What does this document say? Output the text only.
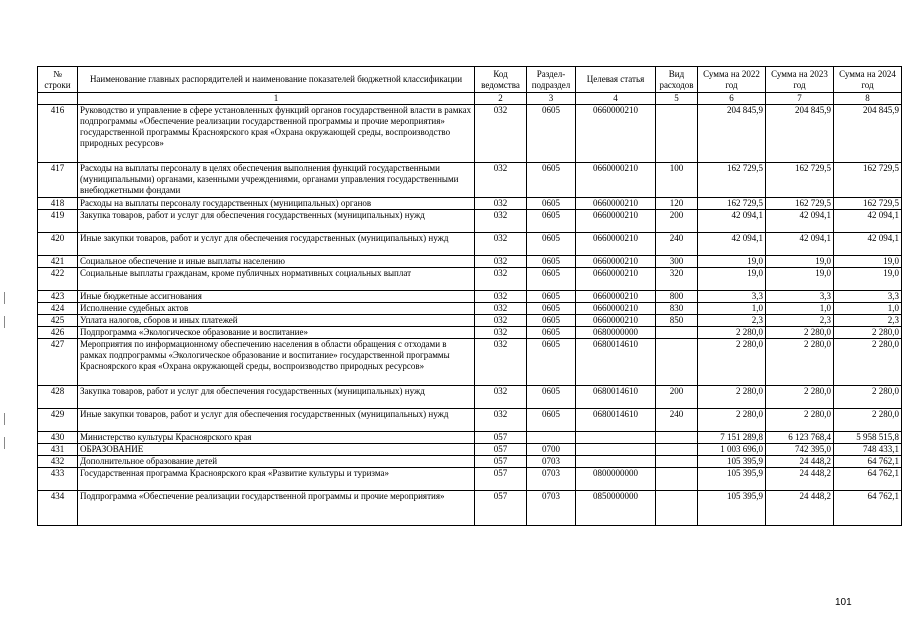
№ строки	Наименование главных распорядителей и наименование показателей бюджетной классификации	Код ведомства	Раздел-подраздел	Целевая статья	Вид расходов	Сумма на 2022 год	Сумма на 2023 год	Сумма на 2024 год
	1	2	3	4	5	6	7	8
416	Руководство и управление в сфере установленных функций органов государственной власти в рамках подпрограммы «Обеспечение реализации государственной программы и прочие мероприятия» государственной программы Красноярского края «Охрана окружающей среды, воспроизводство природных ресурсов»	032	0605	0660000210		204 845,9	204 845,9	204 845,9
417	Расходы на выплаты персоналу в целях обеспечения выполнения функций государственными (муниципальными) органами, казенными учреждениями, органами управления государственными внебюджетными фондами	032	0605	0660000210	100	162 729,5	162 729,5	162 729,5
418	Расходы на выплаты персоналу государственных (муниципальных) органов	032	0605	0660000210	120	162 729,5	162 729,5	162 729,5
419	Закупка товаров, работ и услуг для обеспечения государственных (муниципальных) нужд	032	0605	0660000210	200	42 094,1	42 094,1	42 094,1
420	Иные закупки товаров, работ и услуг для обеспечения государственных (муниципальных) нужд	032	0605	0660000210	240	42 094,1	42 094,1	42 094,1
421	Социальное обеспечение и иные выплаты населению	032	0605	0660000210	300	19,0	19,0	19,0
422	Социальные выплаты гражданам, кроме публичных нормативных социальных выплат	032	0605	0660000210	320	19,0	19,0	19,0
423	Иные бюджетные ассигнования	032	0605	0660000210	800	3,3	3,3	3,3
424	Исполнение судебных актов	032	0605	0660000210	830	1,0	1,0	1,0
425	Уплата налогов, сборов и иных платежей	032	0605	0660000210	850	2,3	2,3	2,3
426	Подпрограмма «Экологическое образование и воспитание»	032	0605	0680000000		2 280,0	2 280,0	2 280,0
427	Мероприятия по информационному обеспечению населения в области обращения с отходами в рамках подпрограммы «Экологическое образование и воспитание» государственной программы Красноярского края «Охрана окружающей среды, воспроизводство природных ресурсов»	032	0605	0680014610		2 280,0	2 280,0	2 280,0
428	Закупка товаров, работ и услуг для обеспечения государственных (муниципальных) нужд	032	0605	0680014610	200	2 280,0	2 280,0	2 280,0
429	Иные закупки товаров, работ и услуг для обеспечения государственных (муниципальных) нужд	032	0605	0680014610	240	2 280,0	2 280,0	2 280,0
430	Министерство культуры Красноярского края	057				7 151 289,8	6 123 768,4	5 958 515,8
431	ОБРАЗОВАНИЕ	057	0700			1 003 696,0	742 395,0	748 433,1
432	Дополнительное образование детей	057	0703			105 395,9	24 448,2	64 762,1
433	Государственная программа Красноярского края «Развитие культуры и туризма»	057	0703	0800000000		105 395,9	24 448,2	64 762,1
434	Подпрограмма «Обеспечение реализации государственной программы и прочие мероприятия»	057	0703	0850000000		105 395,9	24 448,2	64 762,1
101
